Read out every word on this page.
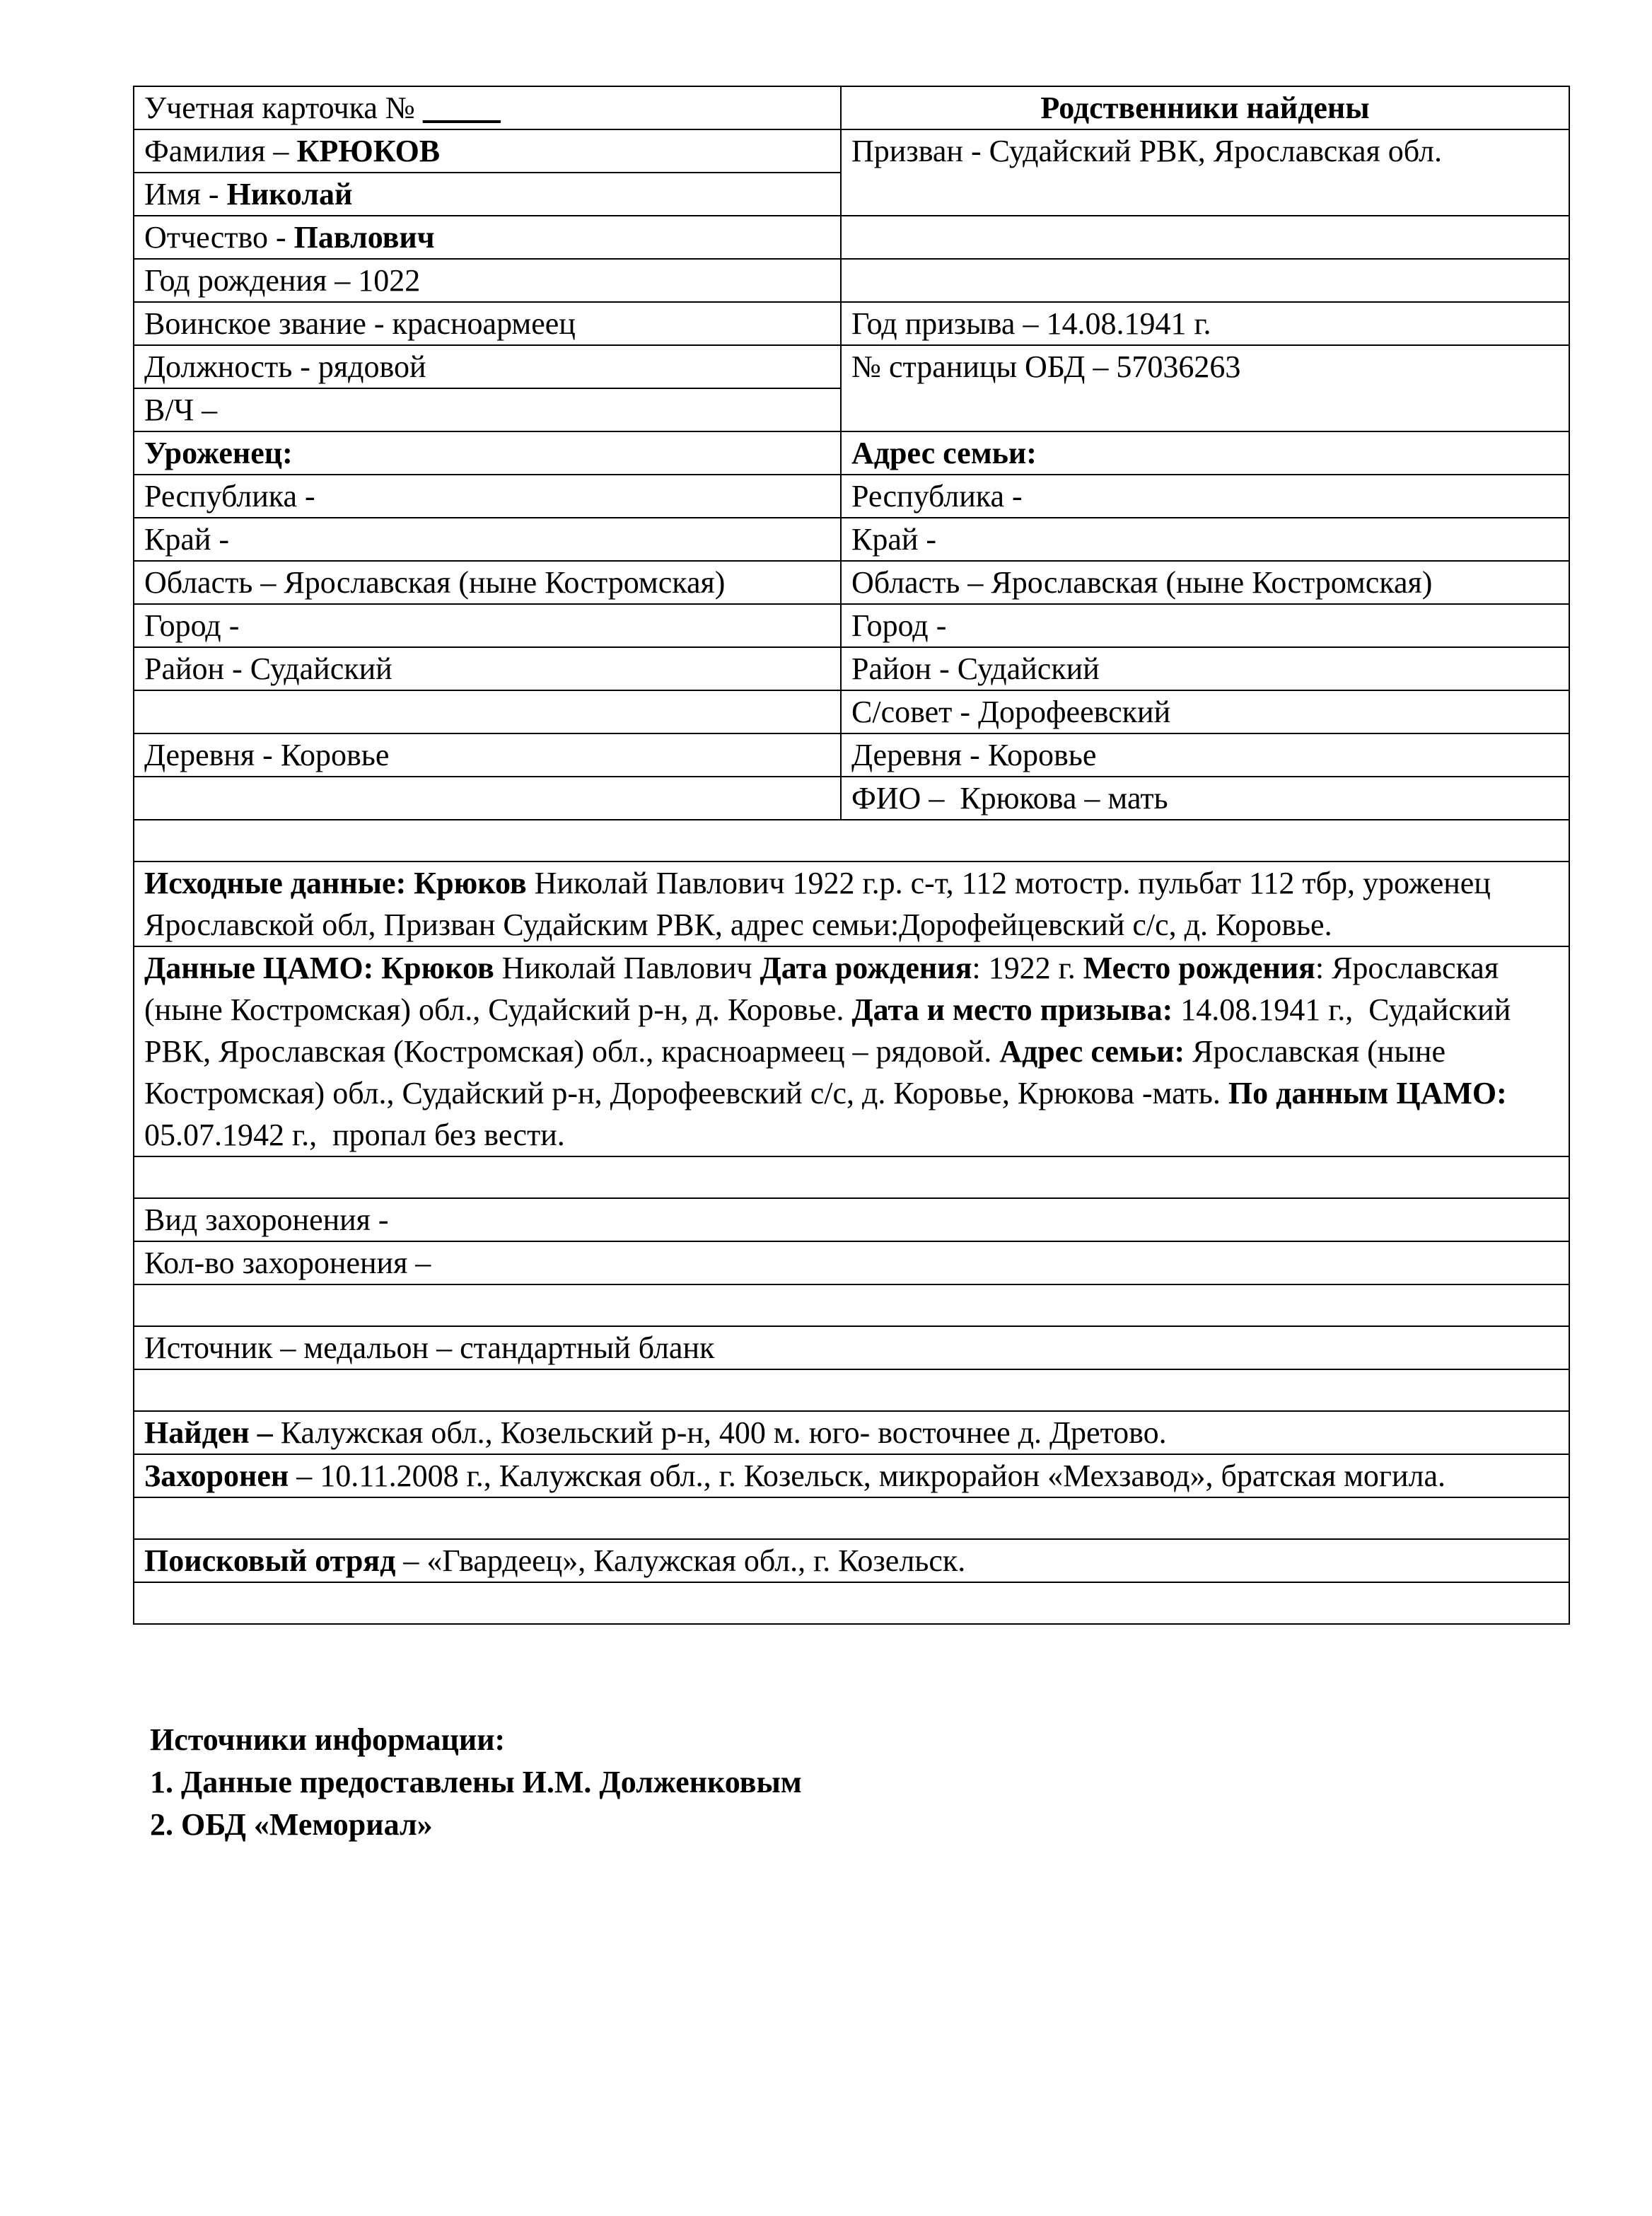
Учетная карточка № _____	Родственники найдены
Фамилия – КРЮКОВ	Призван - Судайский РВК, Ярославская обл.
Имя - Николай	
Отчество - Павлович	
Год рождения – 1022	
Воинское звание - красноармеец	Год призыва – 14.08.1941 г.
Должность - рядовой	№ страницы ОБД – 57036263
В/Ч –	
Уроженец:	Адрес семьи:
Республика -	Республика -
Край -	Край -
Область – Ярославская (ныне Костромская)	Область – Ярославская (ныне Костромская)
Город -	Город -
Район - Судайский	Район - Судайский
	С/совет - Дорофеевский
Деревня - Коровье	Деревня - Коровье
	ФИО –  Крюкова – мать

Исходные данные: Крюков Николай Павлович 1922 г.р. с-т, 112 мотостр. пульбат 112 тбр, уроженец Ярославской обл, Призван Судайским РВК, адрес семьи:Дорофейцевский с/с, д. Коровье.	
Данные ЦАМО: Крюков Николай Павлович Дата рождения: 1922 г. Место рождения: Ярославская (ныне Костромская) обл., Судайский р-н, д. Коровье. Дата и место призыва: 14.08.1941 г.,  Судайский РВК, Ярославская (Костромская) обл., красноармеец – рядовой. Адрес семьи: Ярославская (ныне Костромская) обл., Судайский р-н, Дорофеевский с/с, д. Коровье, Крюкова -мать. По данным ЦАМО: 05.07.1942 г.,  пропал без вести.	

Вид захоронения -	
Кол-во захоронения –	

Источник – медальон – стандартный бланк	

Найден – Калужская обл., Козельский р-н, 400 м. юго- восточнее д. Дретово.	
Захоронен – 10.11.2008 г., Калужская обл., г. Козельск, микрорайон «Мехзавод», братская могила.	

Поисковый отряд – «Гвардеец», Калужская обл., г. Козельск.	

Источники информации:
1. Данные предоставлены И.М. Долженковым
2. ОБД «Мемориал»
